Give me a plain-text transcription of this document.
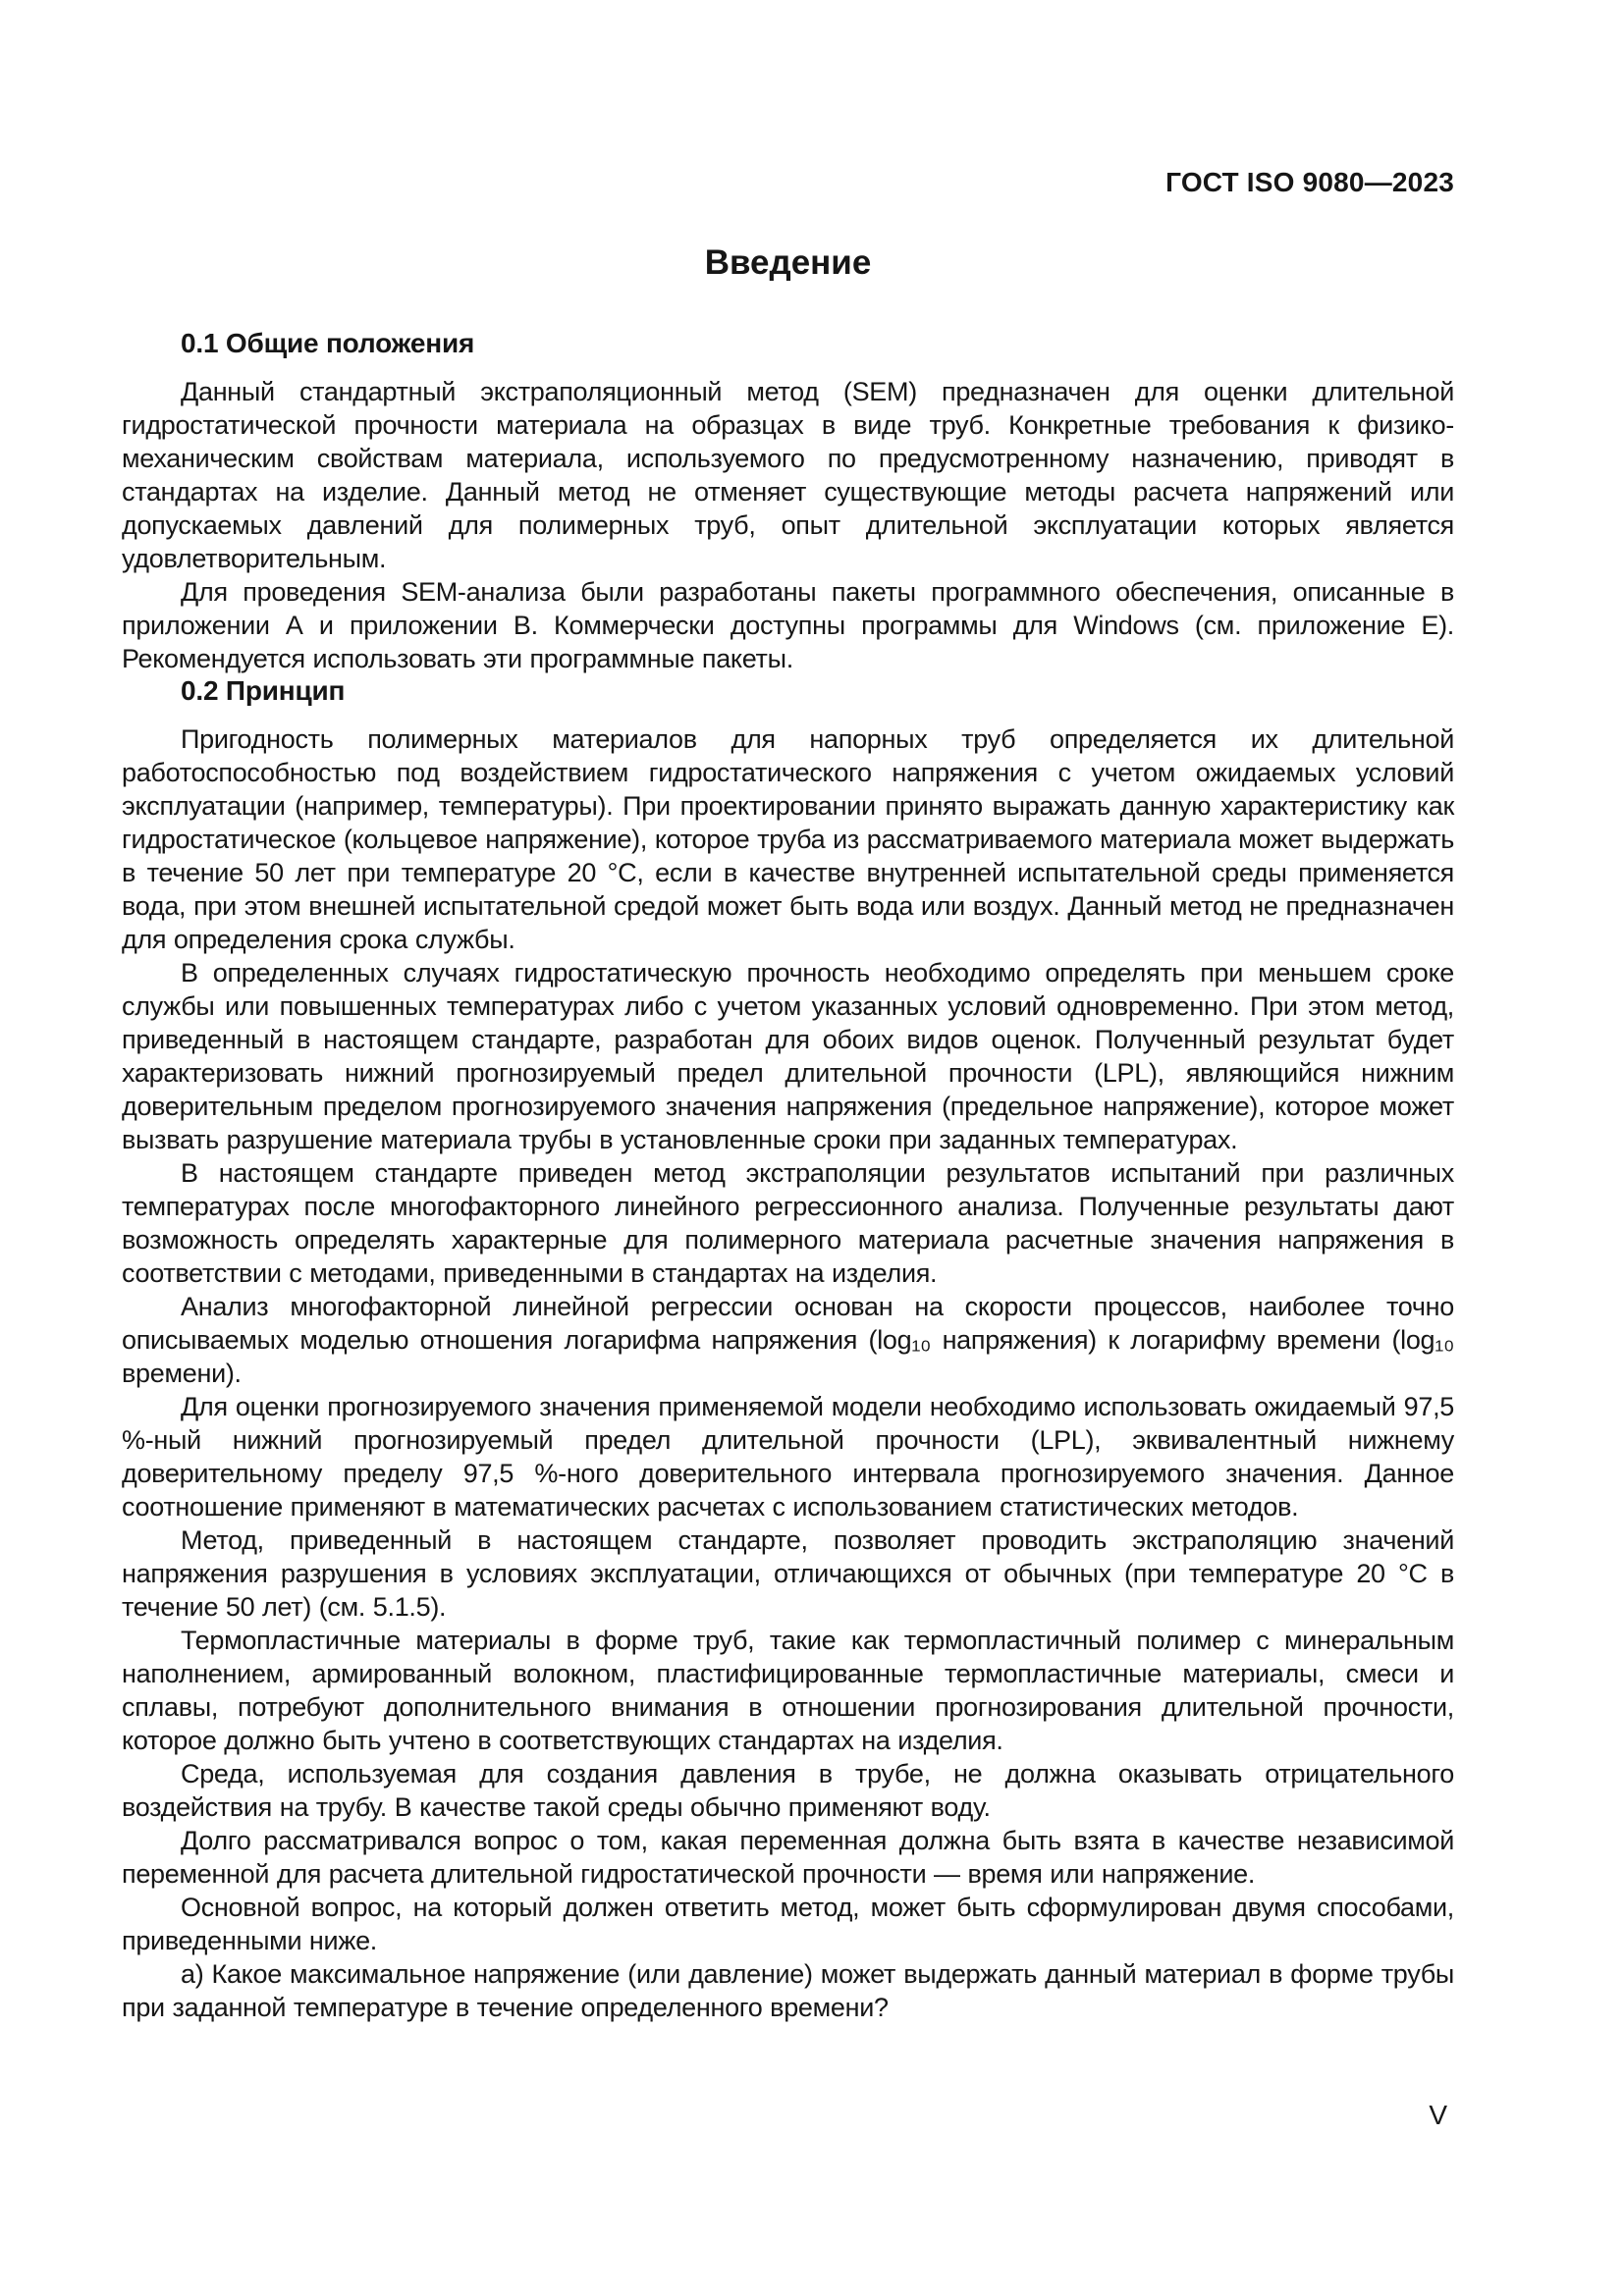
ГОСТ ISO 9080—2023
Введение
0.1 Общие положения

Данный стандартный экстраполяционный метод (SEM) предназначен для оценки длительной гидростатической прочности материала на образцах в виде труб. Конкретные требования к физико-механическим свойствам материала, используемого по предусмотренному назначению, приводят в стандартах на изделие. Данный метод не отменяет существующие методы расчета напряжений или допускаемых давлений для полимерных труб, опыт длительной эксплуатации которых является удовлетворительным.

Для проведения SEM-анализа были разработаны пакеты программного обеспечения, описанные в приложении А и приложении В. Коммерчески доступны программы для Windows (см. приложение Е). Рекомендуется использовать эти программные пакеты.

0.2 Принцип

Пригодность полимерных материалов для напорных труб определяется их длительной работоспособностью под воздействием гидростатического напряжения с учетом ожидаемых условий эксплуатации (например, температуры). При проектировании принято выражать данную характеристику как гидростатическое (кольцевое напряжение), которое труба из рассматриваемого материала может выдержать в течение 50 лет при температуре 20 °С, если в качестве внутренней испытательной среды применяется вода, при этом внешней испытательной средой может быть вода или воздух. Данный метод не предназначен для определения срока службы.

В определенных случаях гидростатическую прочность необходимо определять при меньшем сроке службы или повышенных температурах либо с учетом указанных условий одновременно. При этом метод, приведенный в настоящем стандарте, разработан для обоих видов оценок. Полученный результат будет характеризовать нижний прогнозируемый предел длительной прочности (LPL), являющийся нижним доверительным пределом прогнозируемого значения напряжения (предельное напряжение), которое может вызвать разрушение материала трубы в установленные сроки при заданных температурах.

В настоящем стандарте приведен метод экстраполяции результатов испытаний при различных температурах после многофакторного линейного регрессионного анализа. Полученные результаты дают возможность определять характерные для полимерного материала расчетные значения напряжения в соответствии с методами, приведенными в стандартах на изделия.

Анализ многофакторной линейной регрессии основан на скорости процессов, наиболее точно описываемых моделью отношения логарифма напряжения (log₁₀ напряжения) к логарифму времени (log₁₀ времени).

Для оценки прогнозируемого значения применяемой модели необходимо использовать ожидаемый 97,5 %-ный нижний прогнозируемый предел длительной прочности (LPL), эквивалентный нижнему доверительному пределу 97,5 %-ного доверительного интервала прогнозируемого значения. Данное соотношение применяют в математических расчетах с использованием статистических методов.

Метод, приведенный в настоящем стандарте, позволяет проводить экстраполяцию значений напряжения разрушения в условиях эксплуатации, отличающихся от обычных (при температуре 20 °С в течение 50 лет) (см. 5.1.5).

Термопластичные материалы в форме труб, такие как термопластичный полимер с минеральным наполнением, армированный волокном, пластифицированные термопластичные материалы, смеси и сплавы, потребуют дополнительного внимания в отношении прогнозирования длительной прочности, которое должно быть учтено в соответствующих стандартах на изделия.

Среда, используемая для создания давления в трубе, не должна оказывать отрицательного воздействия на трубу. В качестве такой среды обычно применяют воду.

Долго рассматривался вопрос о том, какая переменная должна быть взята в качестве независимой переменной для расчета длительной гидростатической прочности — время или напряжение.

Основной вопрос, на который должен ответить метод, может быть сформулирован двумя способами, приведенными ниже.

а) Какое максимальное напряжение (или давление) может выдержать данный материал в форме трубы при заданной температуре в течение определенного времени?

V
